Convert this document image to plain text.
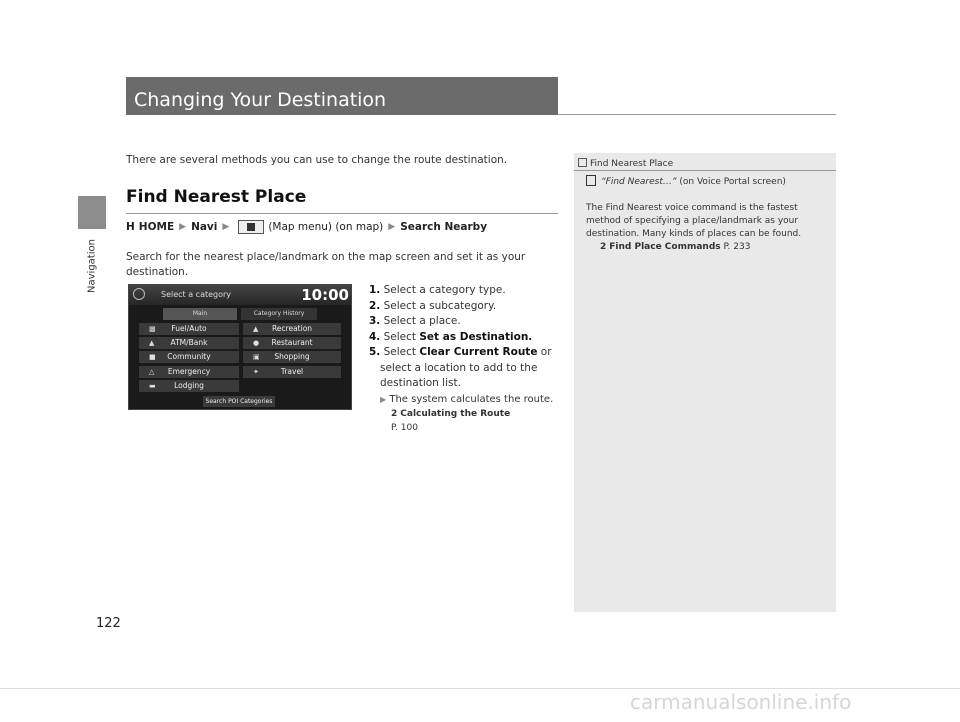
Navigation
122
Changing Your Destination

There are several methods you can use to change the route destination.

Find Nearest Place
H HOME ▶ Navi ▶	(Map menu) (on map) ▶ Search Nearby

Search for the nearest place/landmark on the map screen and set it as your destination.

Select a category	10:00
Main	Category History
▩	Fuel/Auto
▲	ATM/Bank
■	Community
△	Emergency
▬	Lodging
▲	Recreation
●	Restaurant
▣	Shopping
✦	Travel
Search POI Categories
1. Select a category type.
2. Select a subcategory.
3. Select a place.
4. Select Set as Destination.
5. Select Clear Current Route or
select a location to add to the
destination list.
▶ The system calculates the route.
2 Calculating the Route
P. 100
Find Nearest Place
“Find Nearest…” (on Voice Portal screen)

The Find Nearest voice command is the fastest method of specifying a place/landmark as your destination. Many kinds of places can be found.

2 Find Place Commands P. 233
carmanualsonline.info
